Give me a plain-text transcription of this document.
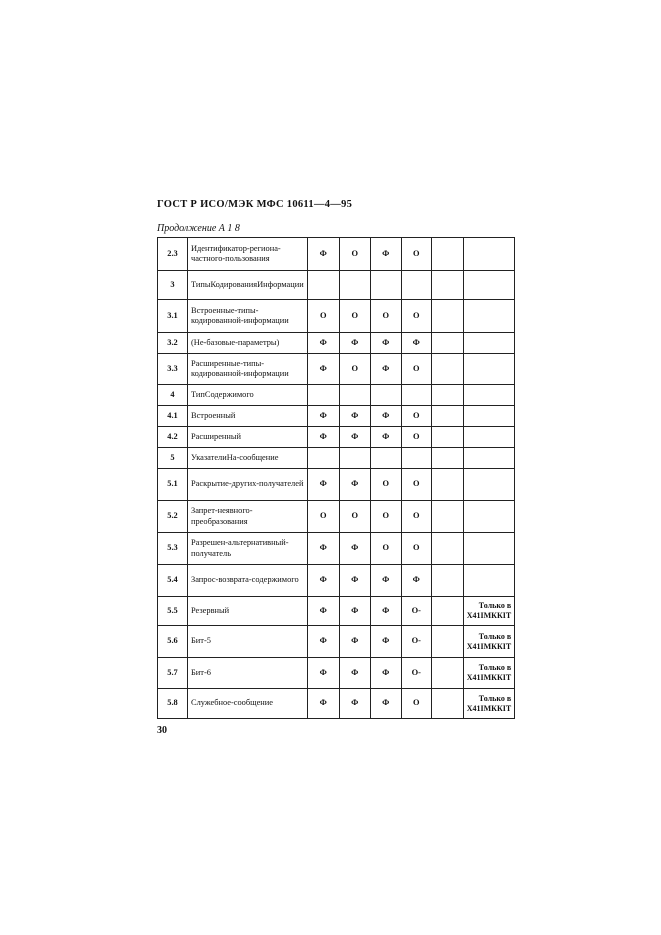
ГОСТ Р ИСО/МЭК МФС 10611—4—95
Продолжение А 1 8
2.3	Идентификатор-региона-частного-пользования	Ф	О	Ф	О		
3	ТипыКодированияИнформации						
3.1	Встроенные-типы-кодированной-информации	О	О	О	О		
3.2	(Не-базовые-параметры)	Ф	Ф	Ф	Ф		
3.3	Расширенные-типы-кодированной-информации	Ф	О	Ф	О		
4	ТипСодержимого						
4.1	Встроенный	Ф	Ф	Ф	О		
4.2	Расширенный	Ф	Ф	Ф	О		
5	УказателиНа-сообщение						
5.1	Раскрытие-других-получателей	Ф	Ф	О	О		
5.2	Запрет-неявного-преобразования	О	О	О	О		
5.3	Разрешен-альтернативный-получатель	Ф	Ф	О	О		
5.4	Запрос-возврата-содержимого	Ф	Ф	Ф	Ф		
5.5	Резервный	Ф	Ф	Ф	О-		Только в Х41ІМККІТ
5.6	Бит-5	Ф	Ф	Ф	О-		Только в Х41ІМККІТ
5.7	Бит-6	Ф	Ф	Ф	О-		Только в Х41ІМККІТ
5.8	Служебное-сообщение	Ф	Ф	Ф	О		Только в Х41ІМККІТ
30
